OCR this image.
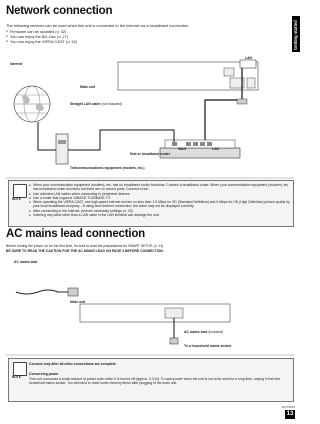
Getting started
Network connection
The following services can be used when this unit is connected to the internet via a broadband connection.
● Firmware can be updated (⇨ 32)
● You can enjoy the BD-Live (⇨ 27)
● You can enjoy the VIERA CAST (⇨ 32)
Internet
Main unit
Straight LAN cable (not included)
LAN
WAN	LAN
Hub or broadband router
Telecommunications equipment (modem, etc.)
NOTE
● When your communication equipment (modem), etc. has no broadband router functions: Connect a broadband router. When your communication equipment (modem), etc. has broadband router functions but there are no vacant ports: Connect a hub.
● Use shielded LAN cables when connecting to peripheral devices.
● Use a router that supports 10BASE-T/100BASE-TX.
● When operating the VIERA CAST, use high-speed internet service no less than 1.5 Mbps for SD (Standard Definition) and 6 Mbps for HD (High Definition) picture quality by your local broadband company. –If using slow Internet connection, the video may not be displayed correctly.
● After connecting to the Internet, perform necessary settings (⇨ 33)
● Inserting any cable other than a LAN cable in the LAN terminal can damage the unit.
AC mains lead connection
Before turning the power on for the first time, be sure to read the preparations for SMART SETUP. (⇨ 14)
BE SURE TO READ THE CAUTION FOR THE AC MAINS LEAD ON PAGE 3 BEFORE CONNECTION.
AC mains lead
Main unit
AC mains lead (included)
To a household mains socket
NOTE
Connect only after all other connections are complete.
Conserving power
This unit consumes a small amount of power even when it is turned off (approx. 0.3 W). To save power when the unit is not to be used for a long time, unplug it from the household mains socket. You will need to reset some memory items after plugging in the main unit.
RQT9615
13
